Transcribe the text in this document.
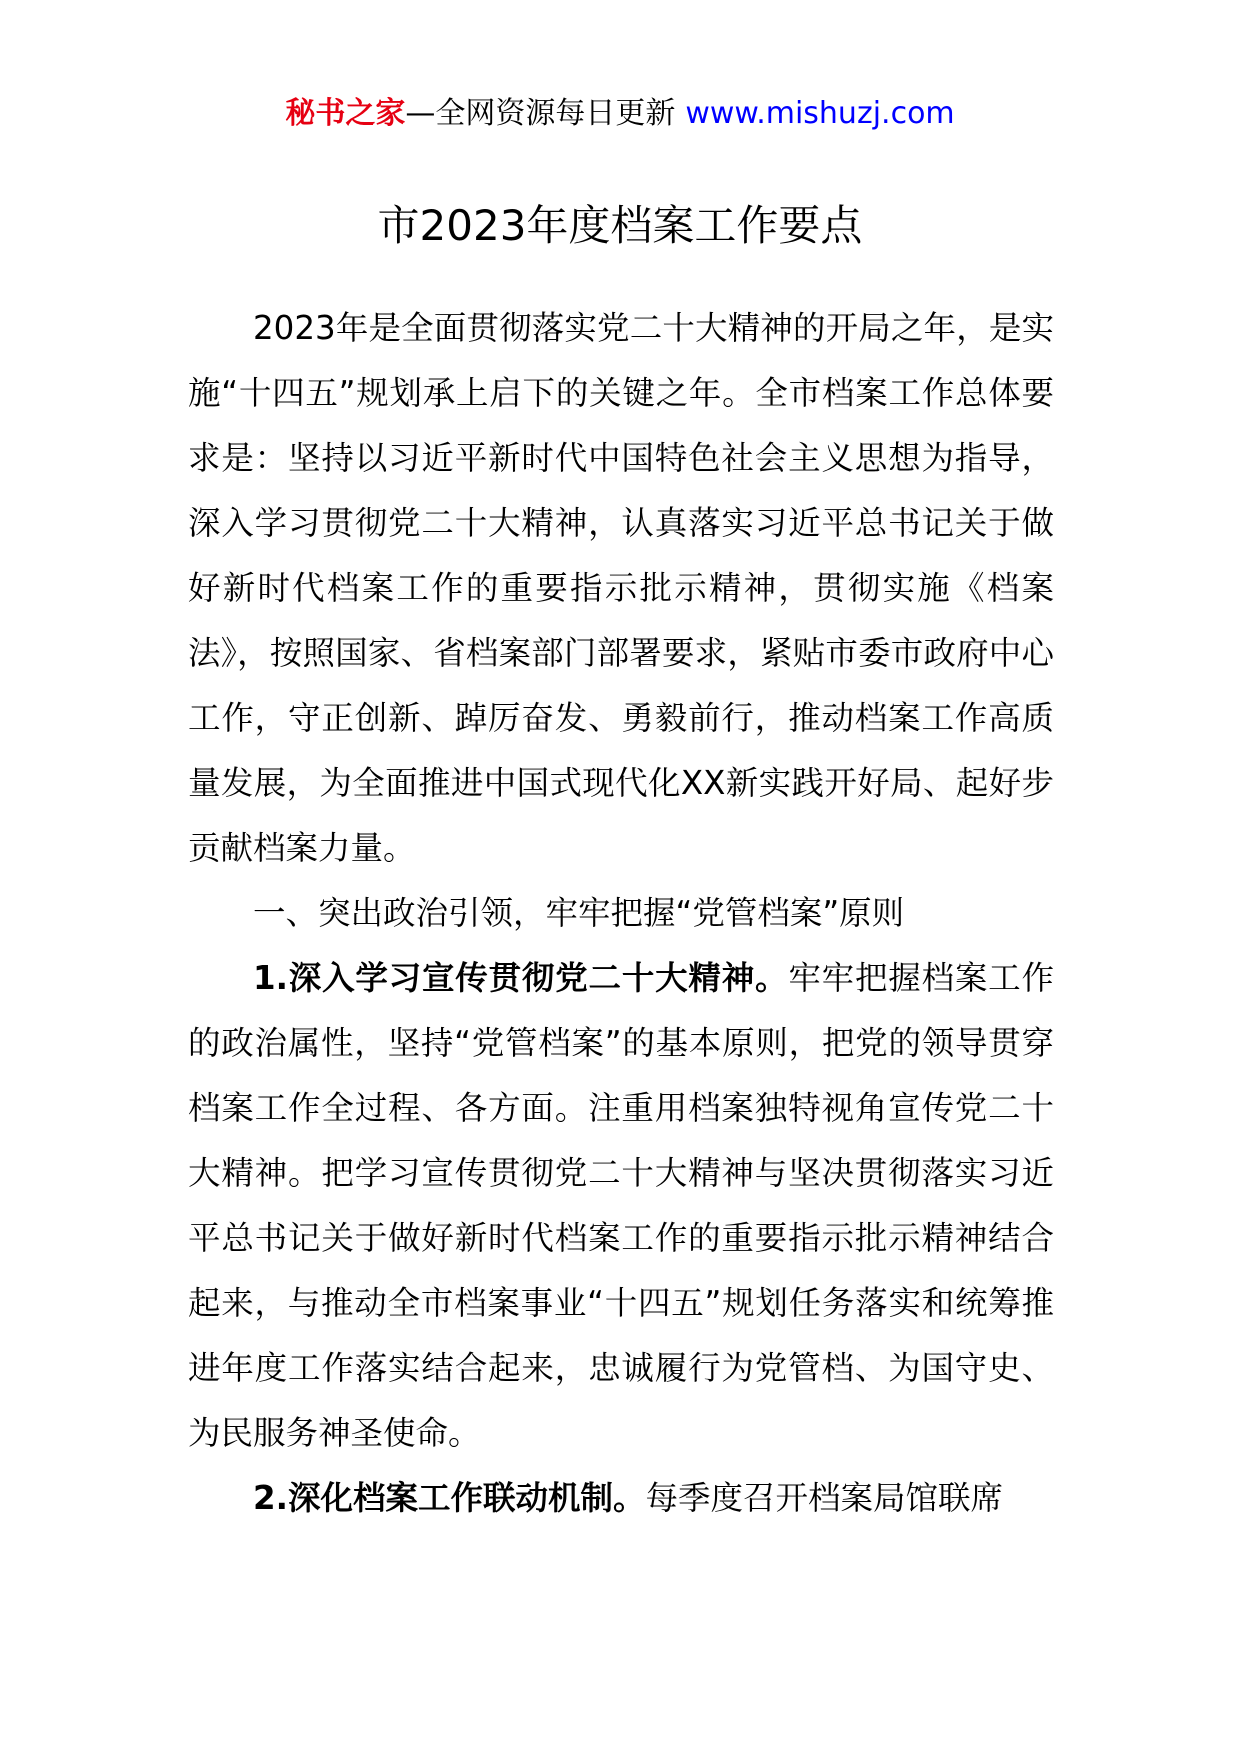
秘书之家—全网资源每日更新 www.mishuzj.com
市2023年度档案工作要点

2023年是全面贯彻落实党二十大精神的开局之年，是实施“十四五”规划承上启下的关键之年。全市档案工作总体要求是：坚持以习近平新时代中国特色社会主义思想为指导，深入学习贯彻党二十大精神，认真落实习近平总书记关于做好新时代档案工作的重要指示批示精神，贯彻实施《档案法》，按照国家、省档案部门部署要求，紧贴市委市政府中心工作，守正创新、踔厉奋发、勇毅前行，推动档案工作高质量发展，为全面推进中国式现代化XX新实践开好局、起好步贡献档案力量。

一、突出政治引领，牢牢把握“党管档案”原则

1.深入学习宣传贯彻党二十大精神。牢牢把握档案工作的政治属性，坚持“党管档案”的基本原则，把党的领导贯穿档案工作全过程、各方面。注重用档案独特视角宣传党二十大精神。把学习宣传贯彻党二十大精神与坚决贯彻落实习近平总书记关于做好新时代档案工作的重要指示批示精神结合起来，与推动全市档案事业“十四五”规划任务落实和统筹推进年度工作落实结合起来，忠诚履行为党管档、为国守史、为民服务神圣使命。

2.深化档案工作联动机制。每季度召开档案局馆联席
